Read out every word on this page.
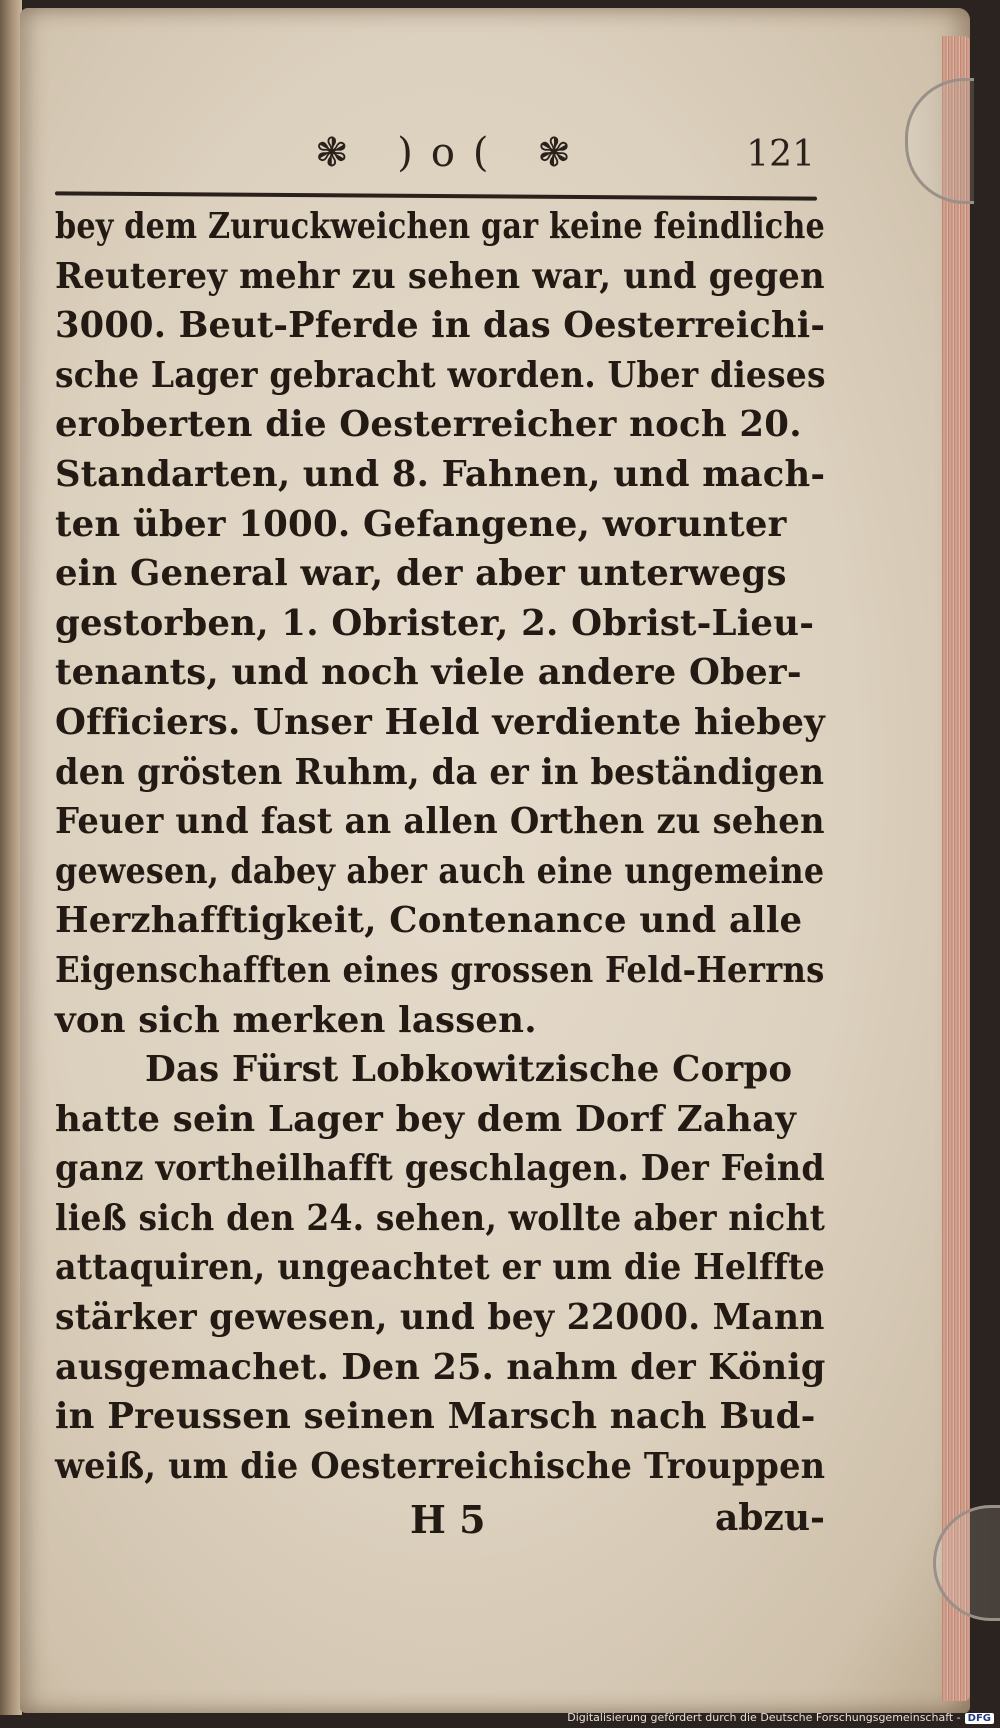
❃ )o( ❃	121
bey dem Zuruckweichen gar keine feindliche
Reuterey mehr zu sehen war, und gegen
3000. Beut-Pferde in das Oesterreichi-
sche Lager gebracht worden. Uber dieses
eroberten die Oesterreicher noch 20.
Standarten, und 8. Fahnen, und mach-
ten über 1000. Gefangene, worunter
ein General war, der aber unterwegs
gestorben, 1. Obrister, 2. Obrist-Lieu-
tenants, und noch viele andere Ober-
Officiers. Unser Held verdiente hiebey
den grösten Ruhm, da er in beständigen
Feuer und fast an allen Orthen zu sehen
gewesen, dabey aber auch eine ungemeine
Herzhafftigkeit, Contenance und alle
Eigenschafften eines grossen Feld-Herrns
von sich merken lassen.
Das Fürst Lobkowitzische Corpo
hatte sein Lager bey dem Dorf Zahay
ganz vortheilhafft geschlagen. Der Feind
ließ sich den 24. sehen, wollte aber nicht
attaquiren, ungeachtet er um die Helffte
stärker gewesen, und bey 22000. Mann
ausgemachet. Den 25. nahm der König
in Preussen seinen Marsch nach Bud-
weiß, um die Oesterreichische Trouppen
H 5	abzu-
Digitalisierung gefördert durch die Deutsche Forschungsgemeinschaft - DFG
